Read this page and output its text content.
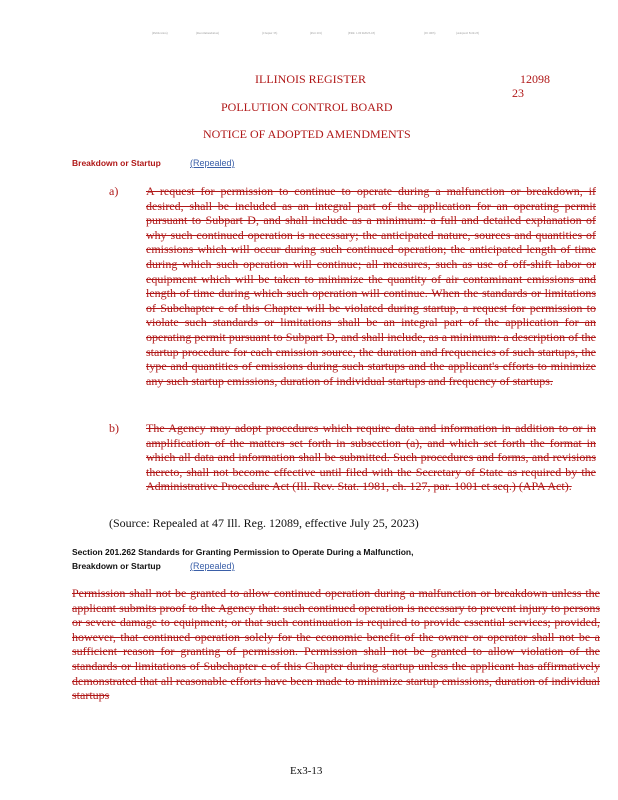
(Publication)	(Recommendation)	(Chapter 35)	(Part 201)	(EPA: 1.00 R2023-18)	(Ill 1003)	(Adopted: 8/24/23)
ILLINOIS REGISTER	12098
23
POLLUTION CONTROL BOARD
NOTICE OF ADOPTED AMENDMENTS
Breakdown or Startup	(Repealed)
a) A request for permission to continue to operate during a malfunction or breakdown, if desired, shall be included as an integral part of the application for an operating permit pursuant to Subpart D, and shall include as a minimum: a full and detailed explanation of why such continued operation is necessary; the anticipated nature, sources and quantities of emissions which will occur during such continued operation; the anticipated length of time during which such operation will continue; all measures, such as use of off-shift labor or equipment which will be taken to minimize the quantity of air contaminant emissions and length of time during which such operation will continue. When the standards or limitations of Subchapter c of this Chapter will be violated during startup, a request for permission to violate such standards or limitations shall be an integral part of the application for an operating permit pursuant to Subpart D, and shall include, as a minimum: a description of the startup procedure for each emission source, the duration and frequencies of such startups, the type and quantities of emissions during such startups and the applicant's efforts to minimize any such startup emissions, duration of individual startups and frequency of startups.
b) The Agency may adopt procedures which require data and information in addition to or in amplification of the matters set forth in subsection (a), and which set forth the format in which all data and information shall be submitted. Such procedures and forms, and revisions thereto, shall not become effective until filed with the Secretary of State as required by the Administrative Procedure Act (Ill. Rev. Stat. 1981, ch. 127, par. 1001 et seq.) (APA Act).
(Source: Repealed at 47 Ill. Reg. 12089, effective July 25, 2023)
Section 201.262 Standards for Granting Permission to Operate During a Malfunction,
Breakdown or Startup	(Repealed)
Permission shall not be granted to allow continued operation during a malfunction or breakdown unless the applicant submits proof to the Agency that: such continued operation is necessary to prevent injury to persons or severe damage to equipment; or that such continuation is required to provide essential services; provided, however, that continued operation solely for the economic benefit of the owner or operator shall not be a sufficient reason for granting of permission. Permission shall not be granted to allow violation of the standards or limitations of Subchapter c of this Chapter during startup unless the applicant has affirmatively demonstrated that all reasonable efforts have been made to minimize startup emissions, duration of individual startups
Ex3-13
